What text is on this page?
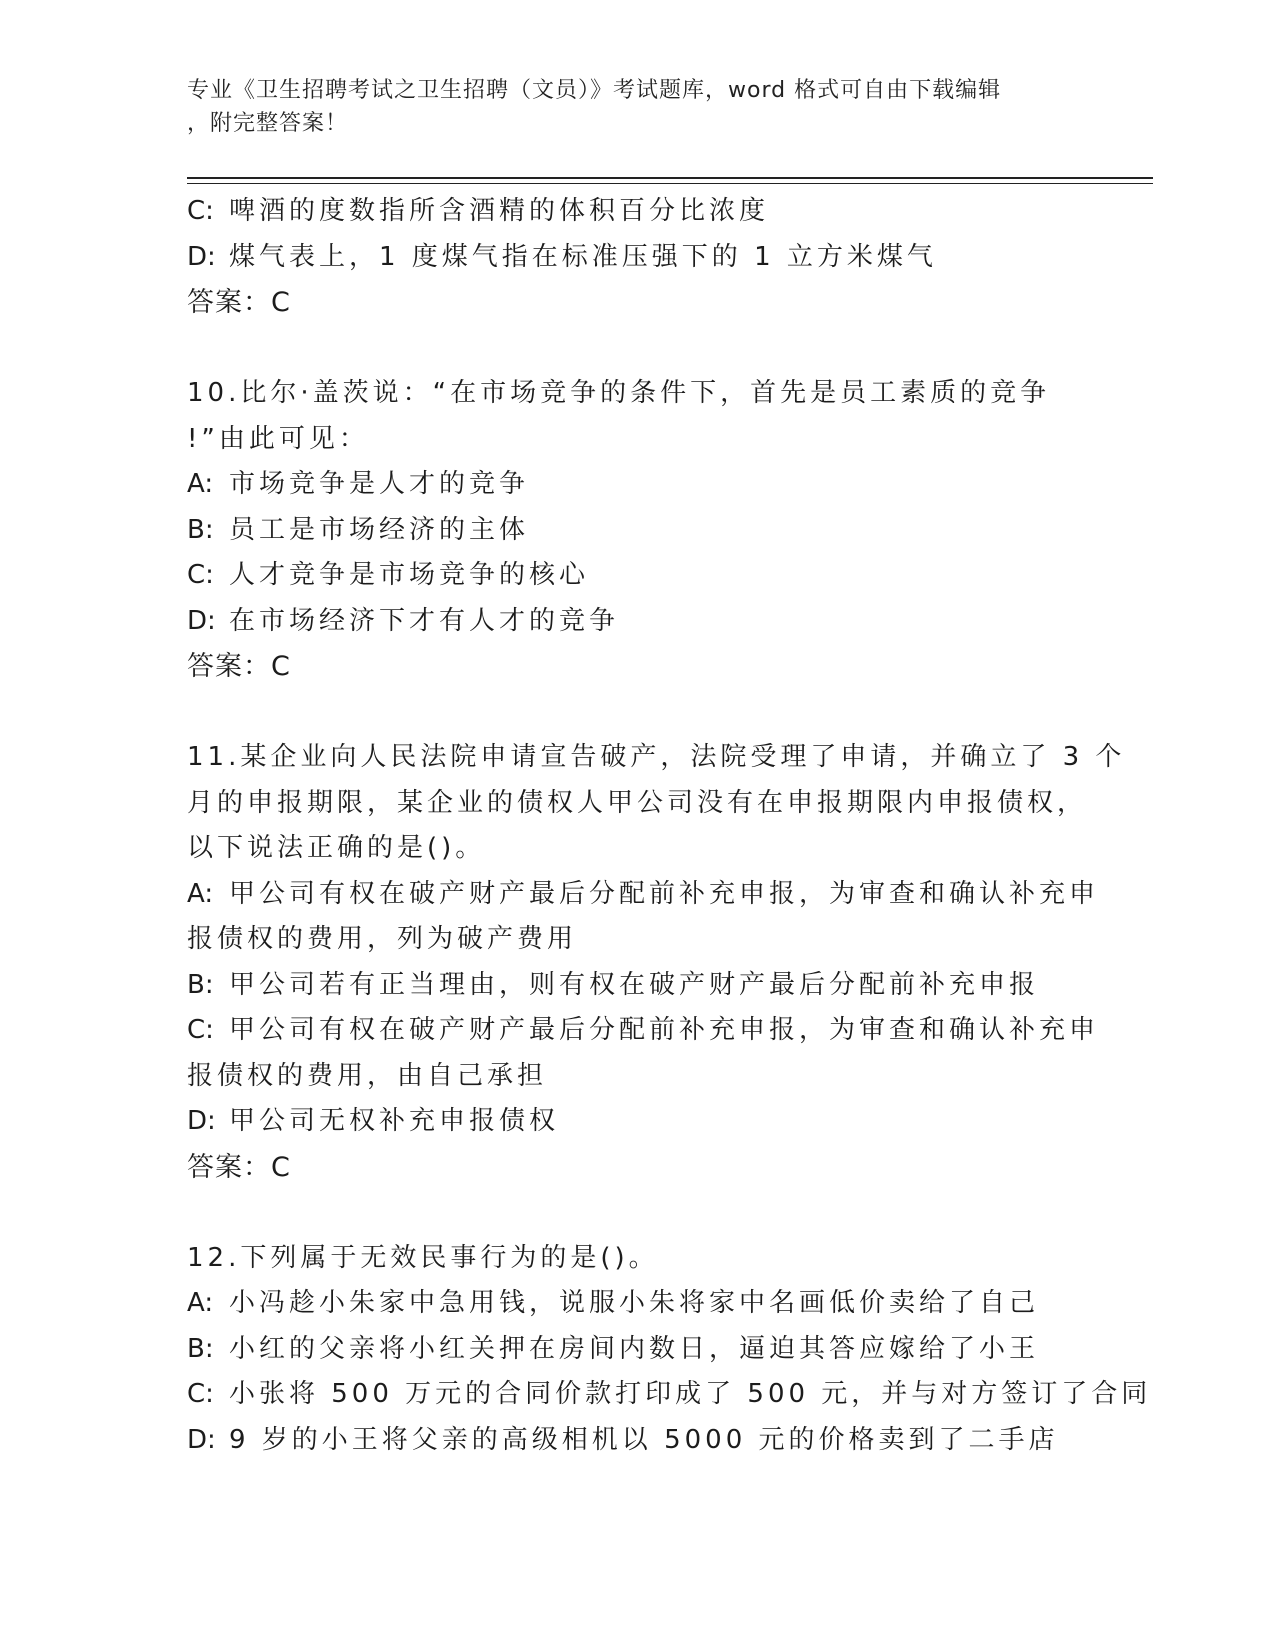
专业《卫生招聘考试之卫生招聘（文员）》考试题库，word 格式可自由下载编辑
，附完整答案！
C: 啤酒的度数指所含酒精的体积百分比浓度
D: 煤气表上，1 度煤气指在标准压强下的 1 立方米煤气
答案：C
10.比尔·盖茨说：“在市场竞争的条件下，首先是员工素质的竞争
!”由此可见：
A: 市场竞争是人才的竞争
B: 员工是市场经济的主体
C: 人才竞争是市场竞争的核心
D: 在市场经济下才有人才的竞争
答案：C
11.某企业向人民法院申请宣告破产，法院受理了申请，并确立了 3 个
月的申报期限，某企业的债权人甲公司没有在申报期限内申报债权，
以下说法正确的是()。
A: 甲公司有权在破产财产最后分配前补充申报，为审查和确认补充申
报债权的费用，列为破产费用
B: 甲公司若有正当理由，则有权在破产财产最后分配前补充申报
C: 甲公司有权在破产财产最后分配前补充申报，为审查和确认补充申
报债权的费用，由自己承担
D: 甲公司无权补充申报债权
答案：C
12.下列属于无效民事行为的是()。
A: 小冯趁小朱家中急用钱，说服小朱将家中名画低价卖给了自己
B: 小红的父亲将小红关押在房间内数日，逼迫其答应嫁给了小王
C: 小张将 500 万元的合同价款打印成了 500 元，并与对方签订了合同
D: 9 岁的小王将父亲的高级相机以 5000 元的价格卖到了二手店
